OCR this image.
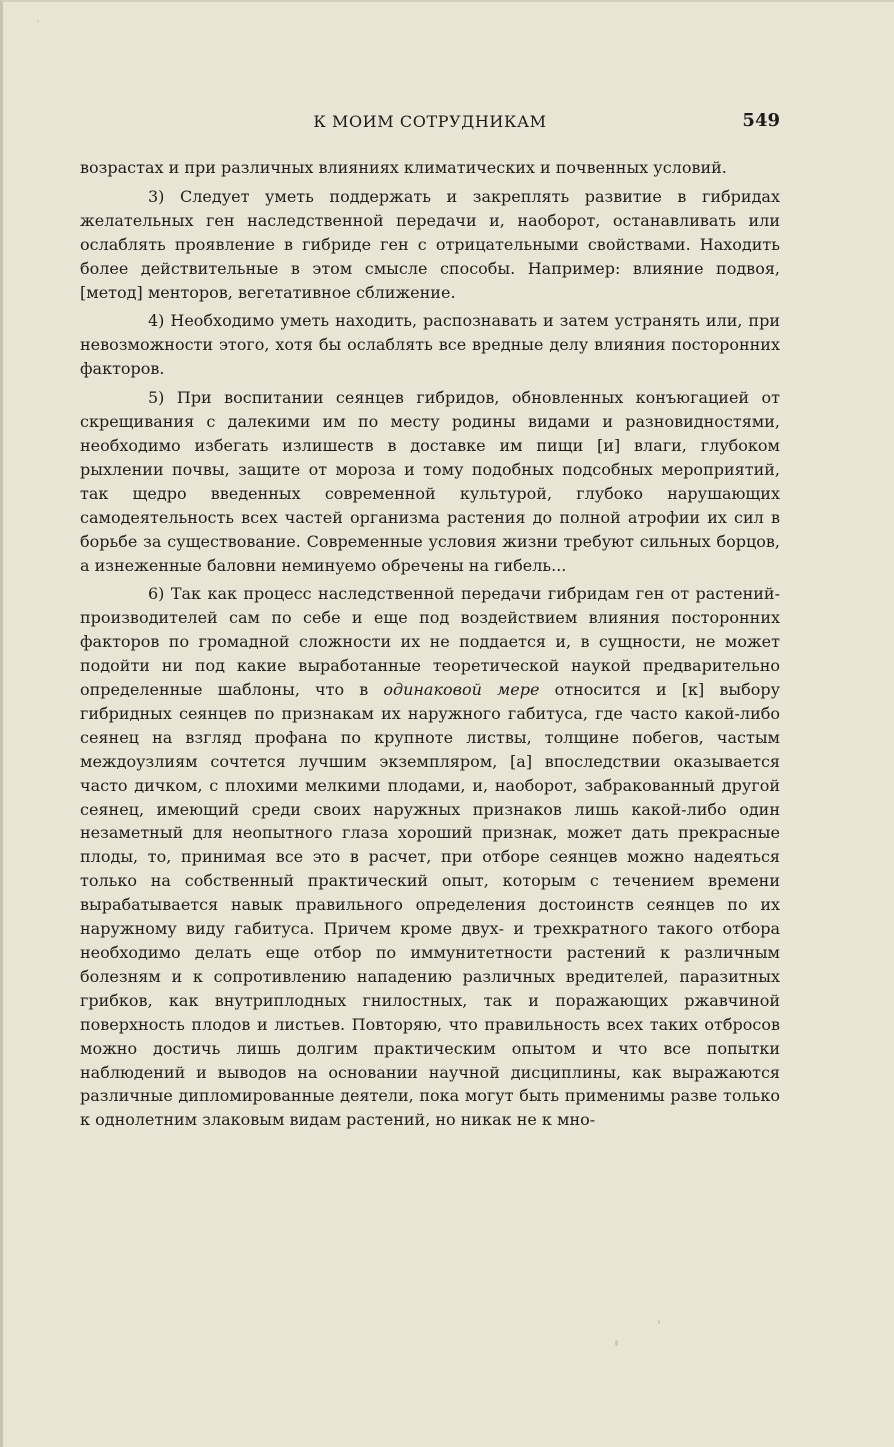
К МОИМ СОТРУДНИКАМ	549

возрастах и при различных влияниях климатических и почвенных условий.

3) Следует уметь поддержать и закреплять развитие в гибридах желательных ген наследственной передачи и, наоборот, останавливать или ослаблять проявление в гибриде ген с отрицательными свойствами. Находить более действительные в этом смысле способы. Например: влияние подвоя, [метод] менторов, вегетативное сближение.

4) Необходимо уметь находить, распознавать и затем устранять или, при невозможности этого, хотя бы ослаблять все вредные делу влияния посторонних факторов.

5) При воспитании сеянцев гибридов, обновленных конъюгацией от скрещивания с далекими им по месту родины видами и разновидностями, необходимо избегать излишеств в доставке им пищи [и] влаги, глубоком рыхлении почвы, защите от мороза и тому подобных подсобных мероприятий, так щедро введенных современной культурой, глубоко нарушающих самодеятельность всех частей организма растения до полной атрофии их сил в борьбе за существование. Современные условия жизни требуют сильных борцов, а изнеженные баловни неминуемо обречены на гибель...

6) Так как процесс наследственной передачи гибридам ген от растений-производителей сам по себе и еще под воздействием влияния посторонних факторов по громадной сложности их не поддается и, в сущности, не может подойти ни под какие выработанные теоретической наукой предварительно определенные шаблоны, что в одинаковой мере относится и [к] выбору гибридных сеянцев по признакам их наружного габитуса, где часто какой-либо сеянец на взгляд профана по крупноте листвы, толщине побегов, частым междоузлиям сочтется лучшим экземпляром, [а] впоследствии оказывается часто дичком, с плохими мелкими плодами, и, наоборот, забракованный другой сеянец, имеющий среди своих наружных признаков лишь какой-либо один незаметный для неопытного глаза хороший признак, может дать прекрасные плоды, то, принимая все это в расчет, при отборе сеянцев можно надеяться только на собственный практический опыт, которым с течением времени вырабатывается навык правильного определения достоинств сеянцев по их наружному виду габитуса. Причем кроме двух- и трехкратного такого отбора необходимо делать еще отбор по иммунитетности растений к различным болезням и к сопротивлению нападению различных вредителей, паразитных грибков, как внутриплодных гнилостных, так и поражающих ржавчиной поверхность плодов и листьев. Повторяю, что правильность всех таких отбросов можно достичь лишь долгим практическим опытом и что все попытки наблюдений и выводов на основании научной дисциплины, как выражаются различные дипломированные деятели, пока могут быть применимы разве только к однолетним злаковым видам растений, но никак не к мно-
